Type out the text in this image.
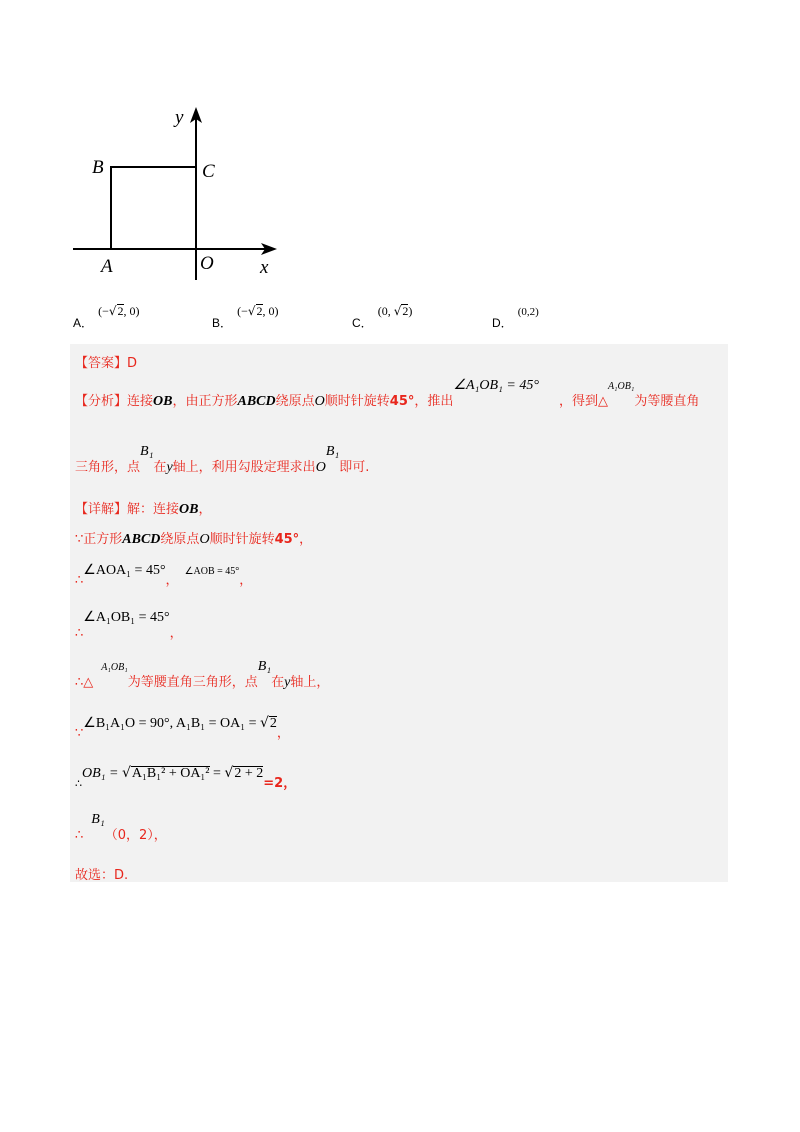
y
B	C
A	O x
$_{A.}$ (−√2, 0)
$_{B.}$ (−√2, 0)
$_{C.}$ (0, √2)
$_{D.}$ (0,2)
【答案】D
【分析】连接OB，由正方形ABCD绕原点O顺时针旋转45°，推出∠A₁OB₁ = 45°，得到△$^{A_1OB_1}$为等腰直角
三角形，点B₁在y轴上，利用勾股定理求出OB₁即可.
【详解】解：连接OB，
∵正方形ABCD绕原点O顺时针旋转45°，
∴∠AOA₁ = 45°，$^{\angle AOB = 45^\circ}$，
∴∠A₁OB₁ = 45°，
∴△$^{A_1OB_1}$为等腰直角三角形，点B₁在y轴上，
∵∠B₁A₁O = 90°, A₁B₁ = OA₁ = √2，
∴OB₁ = √A₁B₁² + OA₁² = √2 + 2=2，
∴B₁（0，2），
故选：D.
